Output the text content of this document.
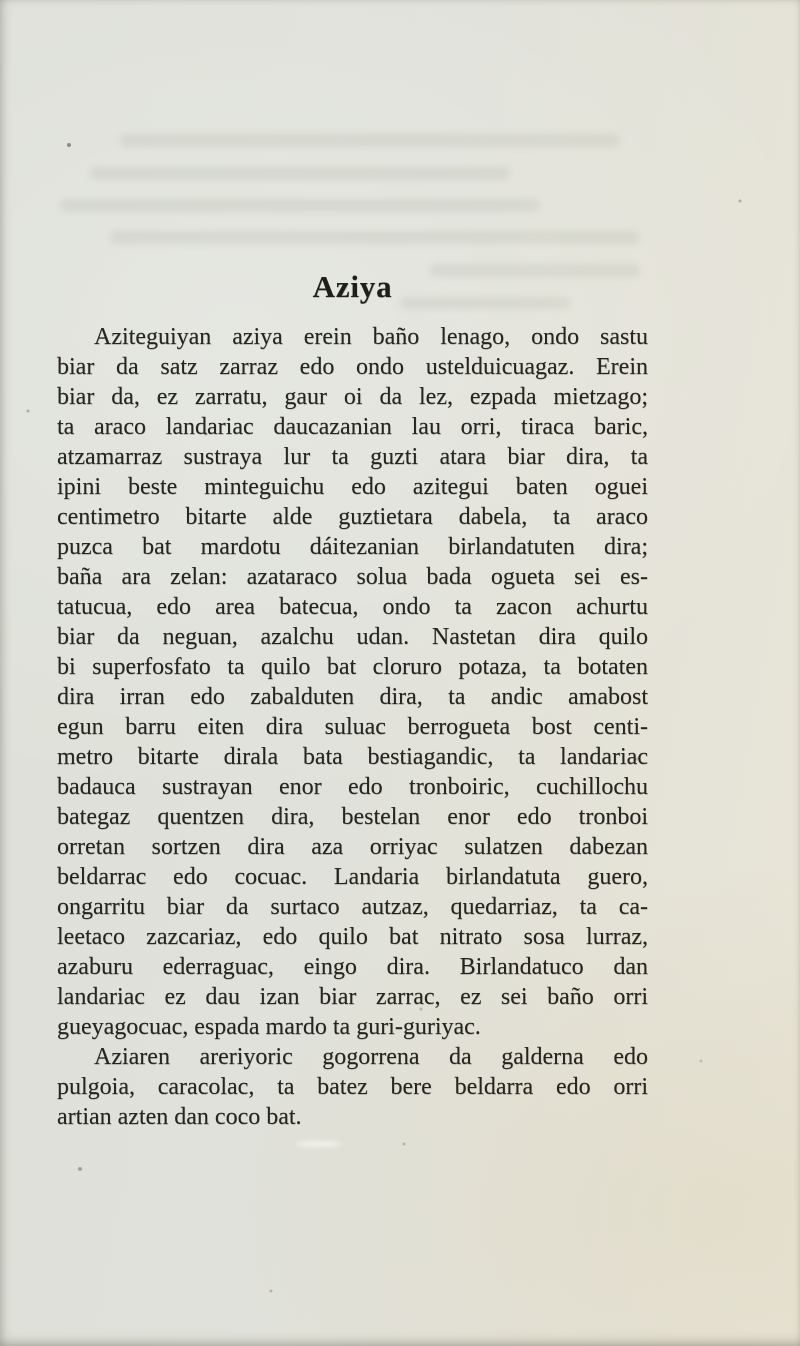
Aziya
Aziteguiyan aziya erein baño lenago, ondo sastu
biar da satz zarraz edo ondo ustelduicuagaz. Erein
biar da, ez zarratu, gaur oi da lez, ezpada mietzago;
ta araco landariac daucazanian lau orri, tiraca baric,
atzamarraz sustraya lur ta guzti atara biar dira, ta
ipini beste minteguichu edo azitegui baten oguei
centimetro bitarte alde guztietara dabela, ta araco
puzca bat mardotu dáitezanian birlandatuten dira;
baña ara zelan: azataraco solua bada ogueta sei es-
tatucua, edo area batecua, ondo ta zacon achurtu
biar da neguan, azalchu udan. Nastetan dira quilo
bi superfosfato ta quilo bat cloruro potaza, ta botaten
dira irran edo zabalduten dira, ta andic amabost
egun barru eiten dira suluac berrogueta bost centi-
metro bitarte dirala bata bestiagandic, ta landariac
badauca sustrayan enor edo tronboiric, cuchillochu
bategaz quentzen dira, bestelan enor edo tronboi
orretan sortzen dira aza orriyac sulatzen dabezan
beldarrac edo cocuac. Landaria birlandatuta guero,
ongarritu biar da surtaco autzaz, quedarriaz, ta ca-
leetaco zazcariaz, edo quilo bat nitrato sosa lurraz,
azaburu ederraguac, eingo dira. Birlandatuco dan
landariac ez dau izan biar zarrac, ez sei baño orri
gueyagocuac, espada mardo ta guri-guriyac.
Aziaren areriyoric gogorrena da galderna edo
pulgoia, caracolac, ta batez bere beldarra edo orri
artian azten dan coco bat.
